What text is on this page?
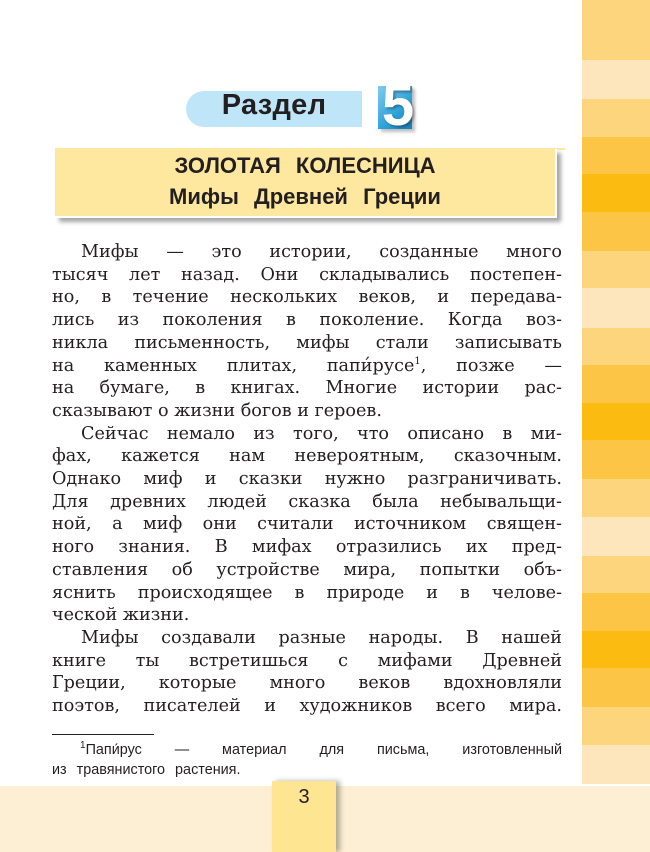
Раздел 5
ЗОЛОТАЯ КОЛЕСНИЦА
Мифы Древней Греции
Мифы — это истории, созданные много
тысяч лет назад. Они складывались постепен-
но, в течение нескольких веков, и передава-
лись из поколения в поколение. Когда воз-
никла письменность, мифы стали записывать
на каменных плитах, папи́русе$^1$, позже —
на бумаге, в книгах. Многие истории рас-
сказывают о жизни богов и героев.
Сейчас немало из того, что описано в ми-
фах, кажется нам невероятным, сказочным.
Однако миф и сказки нужно разграничивать.
Для древних людей сказка была небывальщи-
ной, а миф они считали источником священ-
ного знания. В мифах отразились их пред-
ставления об устройстве мира, попытки объ-
яснить происходящее в природе и в челове-
ческой жизни.
Мифы создавали разные народы. В нашей
книге ты встретишься с мифами Древней
Греции, которые много веков вдохновляли
поэтов, писателей и художников всего мира.
$^1$Папи́рус — материал для письма, изготовленный
из травянистого растения.
3
